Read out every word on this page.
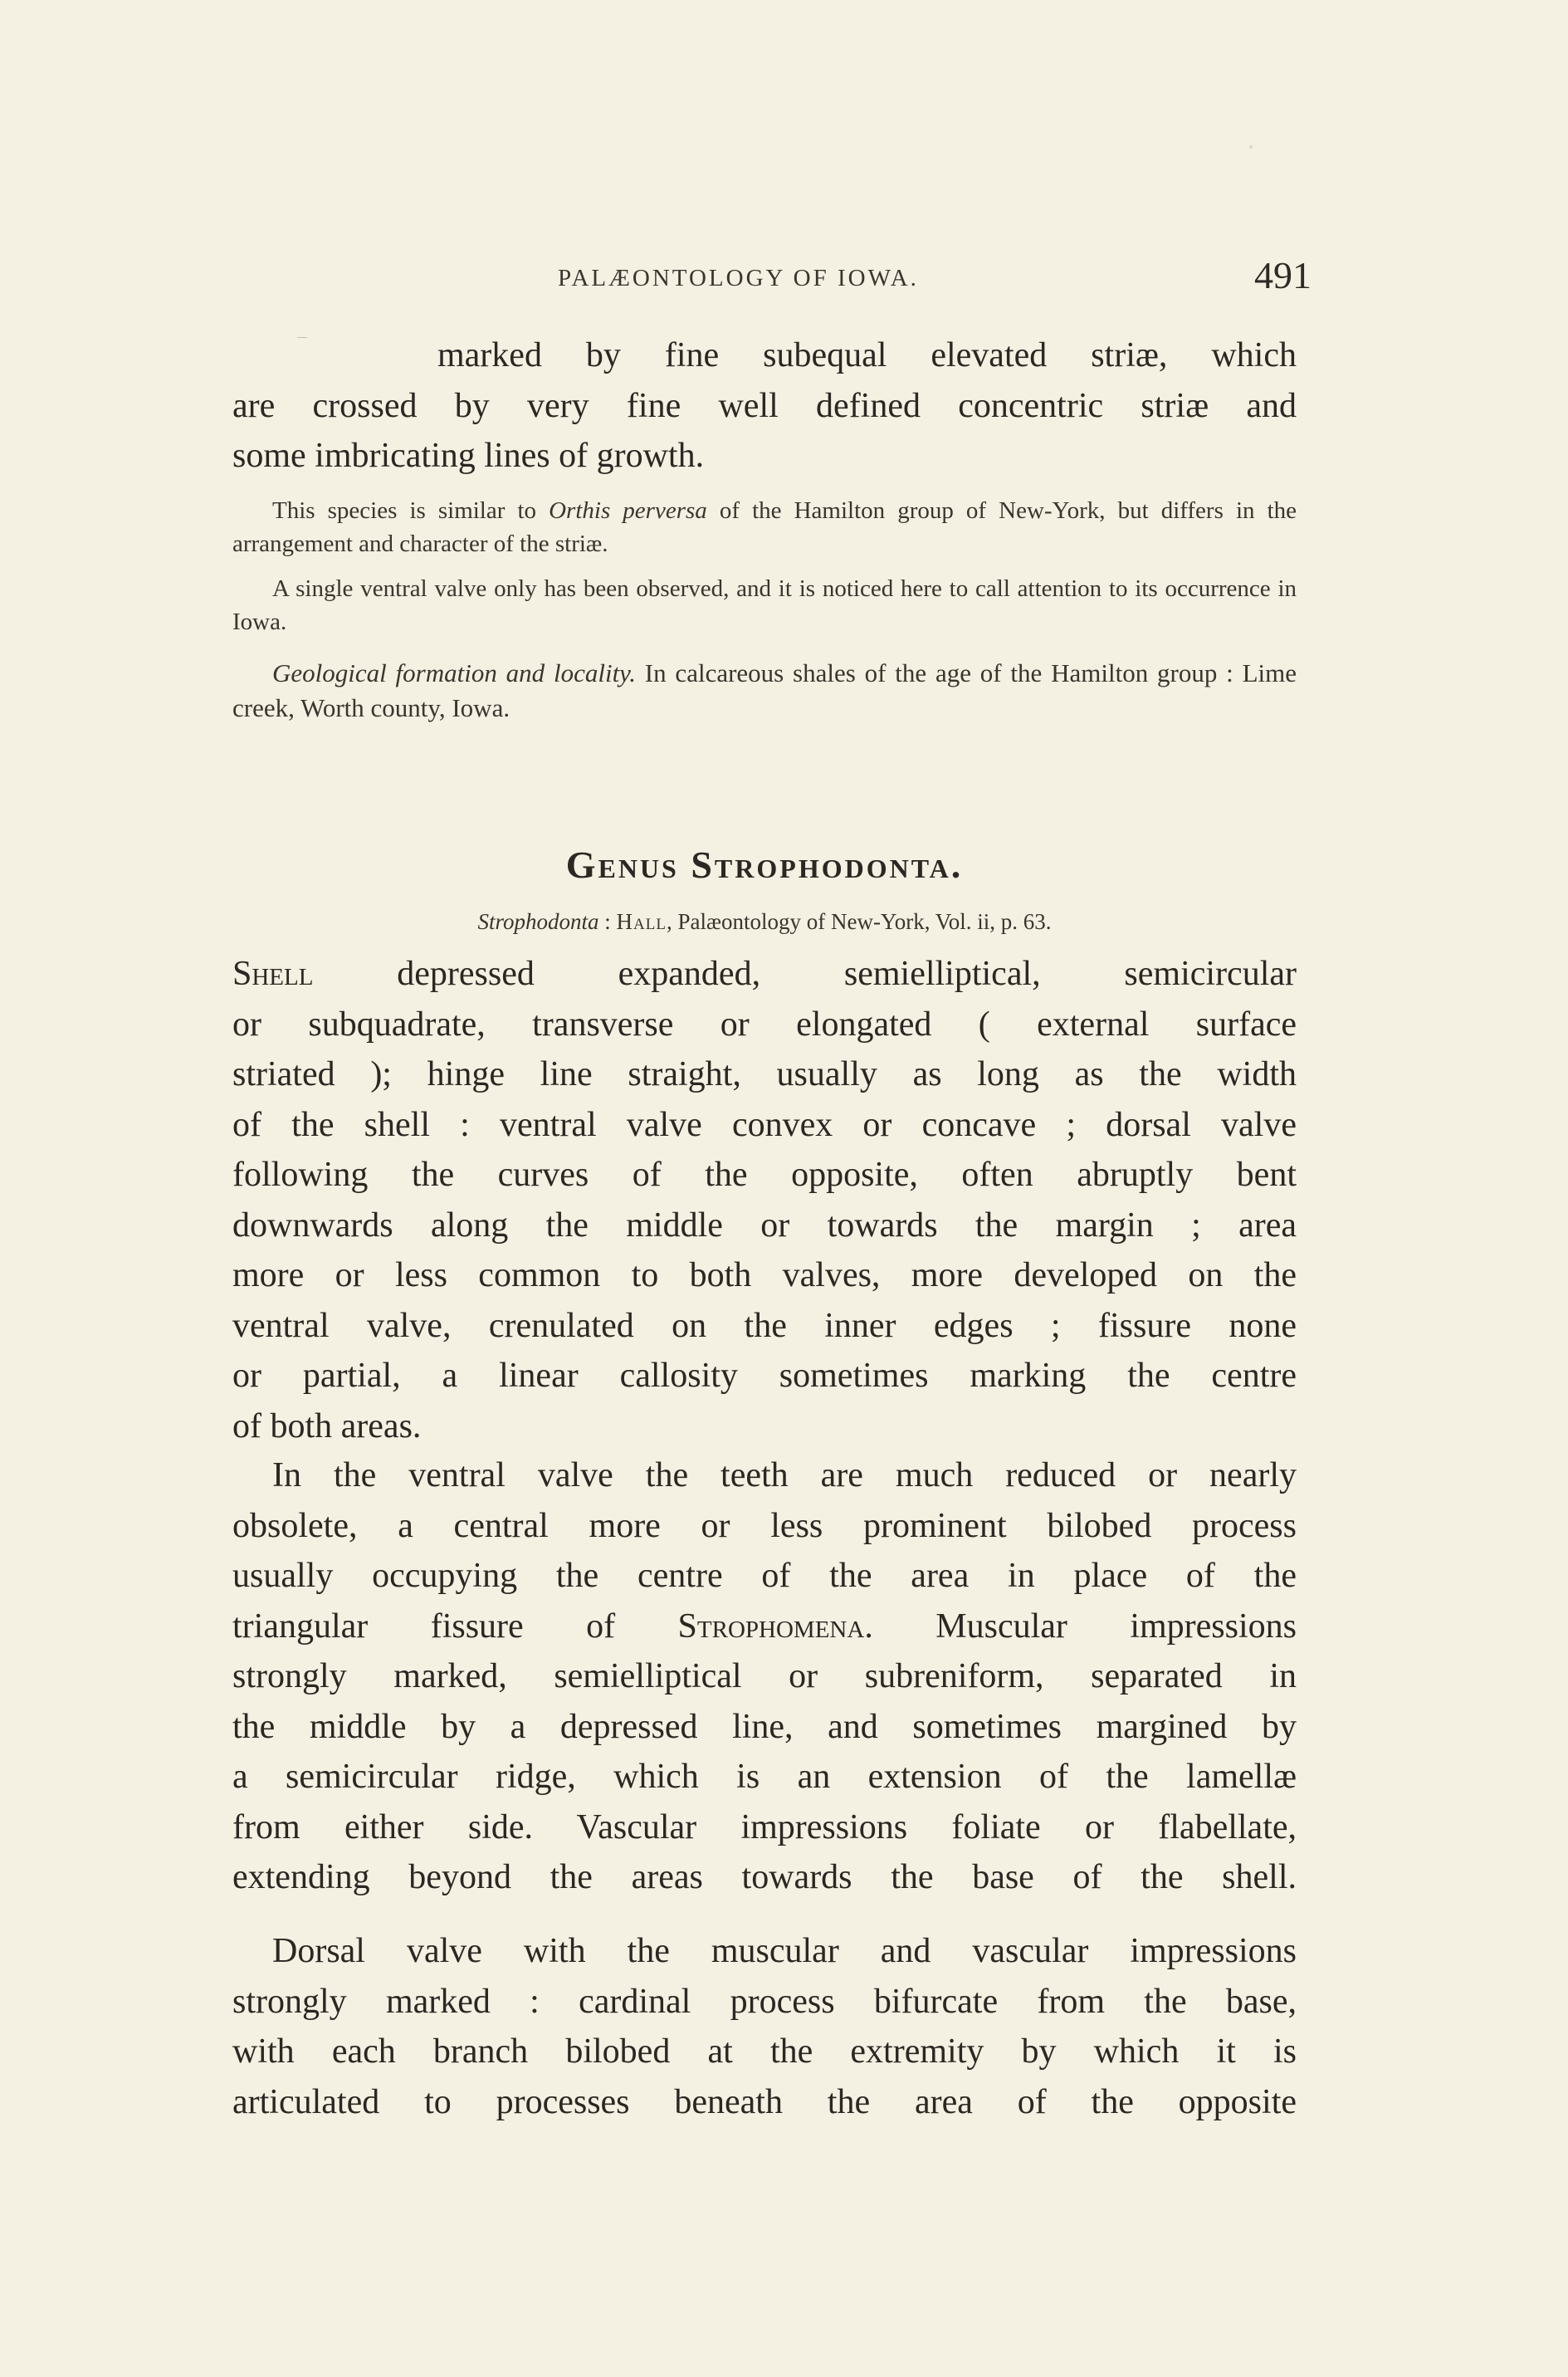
PALÆONTOLOGY OF IOWA.	491

marked by fine subequal elevated striæ, which

are crossed by very fine well defined concentric striæ and

some imbricating lines of growth.

This species is similar to Orthis perversa of the Hamilton group of New-York, but differs in the arrangement and character of the striæ.

A single ventral valve only has been observed, and it is noticed here to call attention to its occurrence in Iowa.

Geological formation and locality. In calcareous shales of the age of the Hamilton group : Lime creek, Worth county, Iowa.

Genus Strophodonta.
Strophodonta : Hall, Palæontology of New-York, Vol. ii, p. 63.

Shell depressed expanded, semielliptical, semicircular

or subquadrate, transverse or elongated ( external surface

striated ); hinge line straight, usually as long as the width

of the shell : ventral valve convex or concave ; dorsal valve

following the curves of the opposite, often abruptly bent

downwards along the middle or towards the margin ; area

more or less common to both valves, more developed on the

ventral valve, crenulated on the inner edges ; fissure none

or partial, a linear callosity sometimes marking the centre

of both areas.

In the ventral valve the teeth are much reduced or nearly

obsolete, a central more or less prominent bilobed process

usually occupying the centre of the area in place of the

triangular fissure of Strophomena. Muscular impressions

strongly marked, semielliptical or subreniform, separated in

the middle by a depressed line, and sometimes margined by

a semicircular ridge, which is an extension of the lamellæ

from either side. Vascular impressions foliate or flabellate,

extending beyond the areas towards the base of the shell.

Dorsal valve with the muscular and vascular impressions

strongly marked : cardinal process bifurcate from the base,

with each branch bilobed at the extremity by which it is

articulated to processes beneath the area of the opposite
